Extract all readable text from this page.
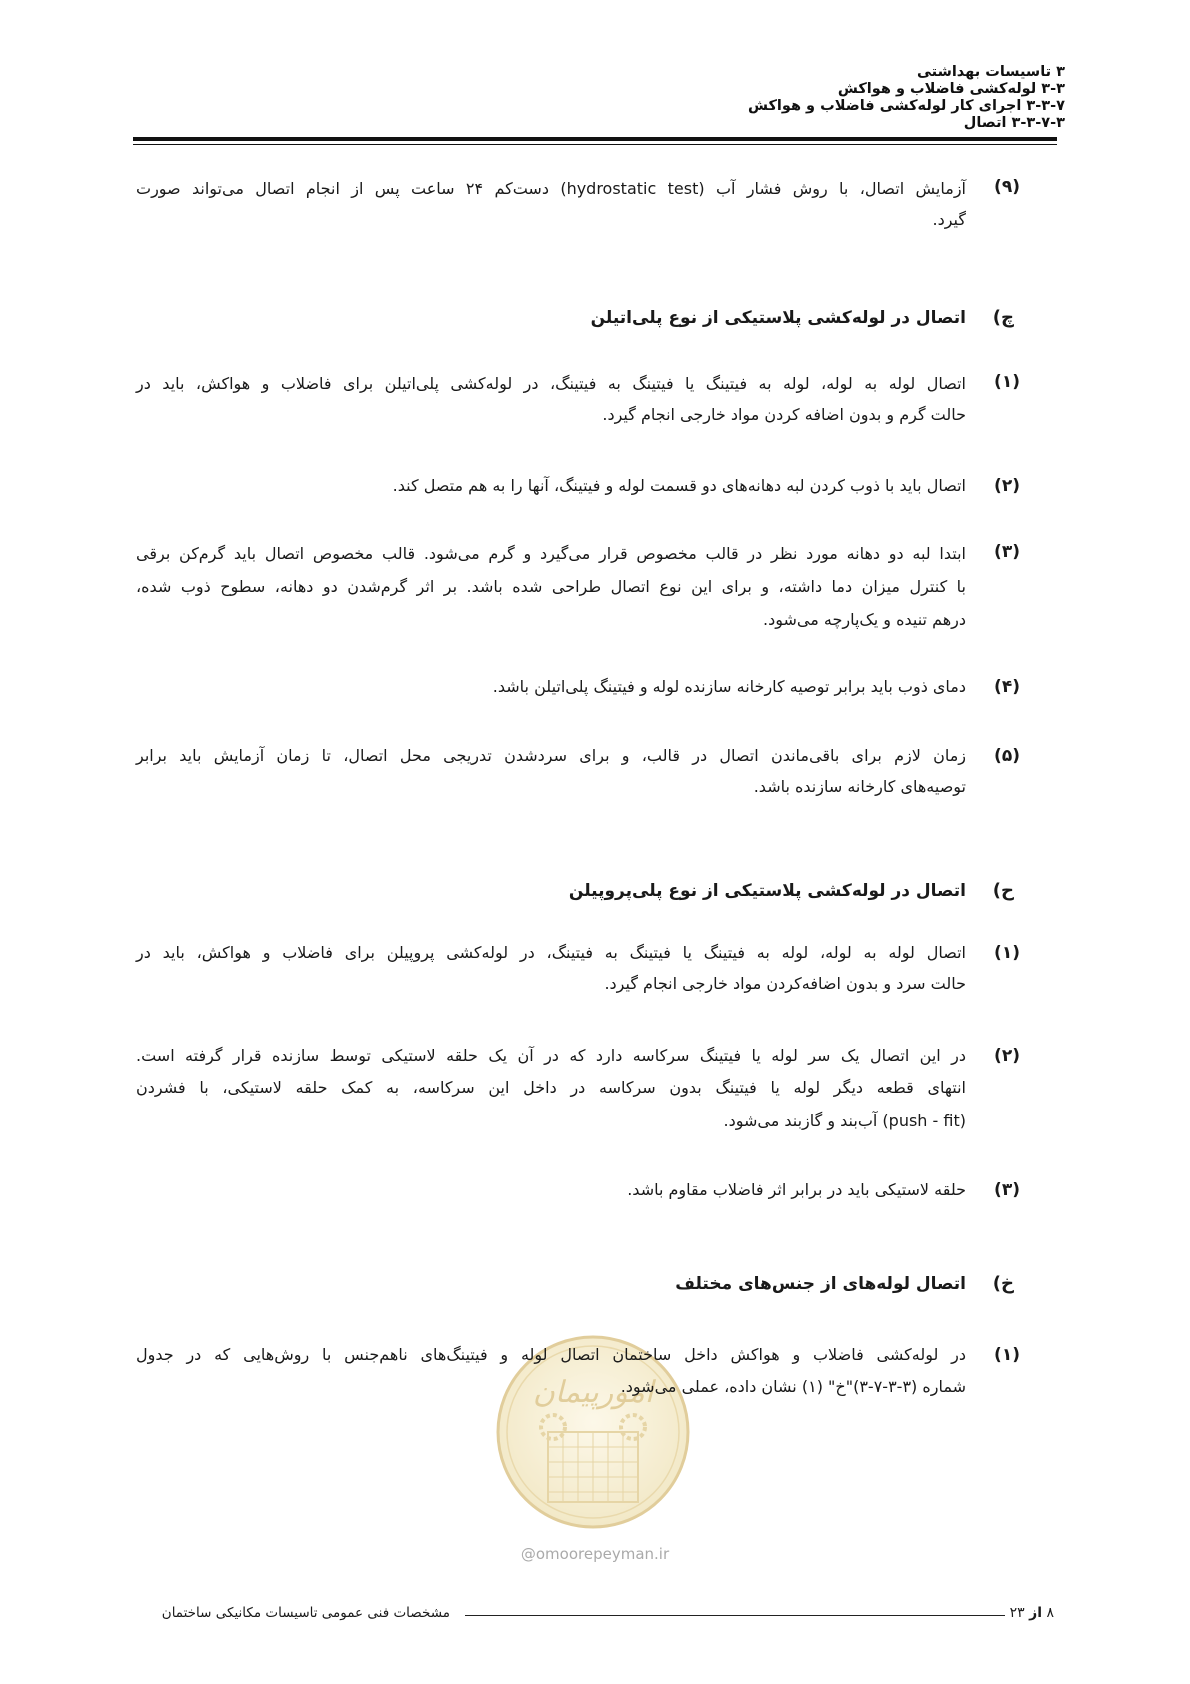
۳ تاسیسات بهداشتی
۳-۳ لوله‌کشی فاضلاب و هواکش
۳-۳-۷ اجرای کار لوله‌کشی فاضلاب و هواکش
۳-۳-۷-۳ اتصال
(۹)
آزمایش اتصال، با روش فشار آب (hydrostatic test) دست‌کم ۲۴ ساعت پس از انجام اتصال می‌تواند صورت
گیرد.
چ)
اتصال در لوله‌کشی پلاستیکی از نوع پلی‌اتیلن
(۱)
اتصال لوله به لوله، لوله به فیتینگ یا فیتینگ به فیتینگ، در لوله‌کشی پلی‌اتیلن برای فاضلاب و هواکش، باید در
حالت گرم و بدون اضافه کردن مواد خارجی انجام گیرد.
(۲)
اتصال باید با ذوب کردن لبه دهانه‌های دو قسمت لوله و فیتینگ، آنها را به هم متصل کند.
(۳)
ابتدا لبه دو دهانه مورد نظر در قالب مخصوص قرار می‌گیرد و گرم می‌شود. قالب مخصوص اتصال باید گرم‌کن برقی
با کنترل میزان دما داشته، و برای این نوع اتصال طراحی شده باشد. بر اثر گرم‌شدن دو دهانه، سطوح ذوب شده،
درهم تنیده و یک‌پارچه می‌شود.
(۴)
دمای ذوب باید برابر توصیه کارخانه سازنده لوله و فیتینگ پلی‌اتیلن باشد.
(۵)
زمان لازم برای باقی‌ماندن اتصال در قالب، و برای سردشدن تدریجی محل اتصال، تا زمان آزمایش باید برابر
توصیه‌های کارخانه سازنده باشد.
ح)
اتصال در لوله‌کشی پلاستیکی از نوع پلی‌پروپیلن
(۱)
اتصال لوله به لوله، لوله به فیتینگ یا فیتینگ به فیتینگ، در لوله‌کشی پروپیلن برای فاضلاب و هواکش، باید در
حالت سرد و بدون اضافه‌کردن مواد خارجی انجام گیرد.
(۲)
در این اتصال یک سر لوله یا فیتینگ سرکاسه دارد که در آن یک حلقه لاستیکی توسط سازنده قرار گرفته است.
انتهای قطعه دیگر لوله یا فیتینگ بدون سرکاسه در داخل این سرکاسه، به کمک حلقه لاستیکی، با فشردن
(push - fit) آب‌بند و گازبند می‌شود.
(۳)
حلقه لاستیکی باید در برابر اثر فاضلاب مقاوم باشد.
امورپیمان
خ)
اتصال لوله‌های از جنس‌های مختلف
(۱)
در لوله‌کشی فاضلاب و هواکش داخل ساختمان اتصال لوله و فیتینگ‌های ناهم‌جنس با روش‌هایی که در جدول
شماره (۳-۳-۷-۳)"خ" (۱) نشان داده، عملی می‌شود.
@omoorepeyman.ir
مشخصات فنی عمومی تاسیسات مکانیکی ساختمان	۸ از ۲۳
